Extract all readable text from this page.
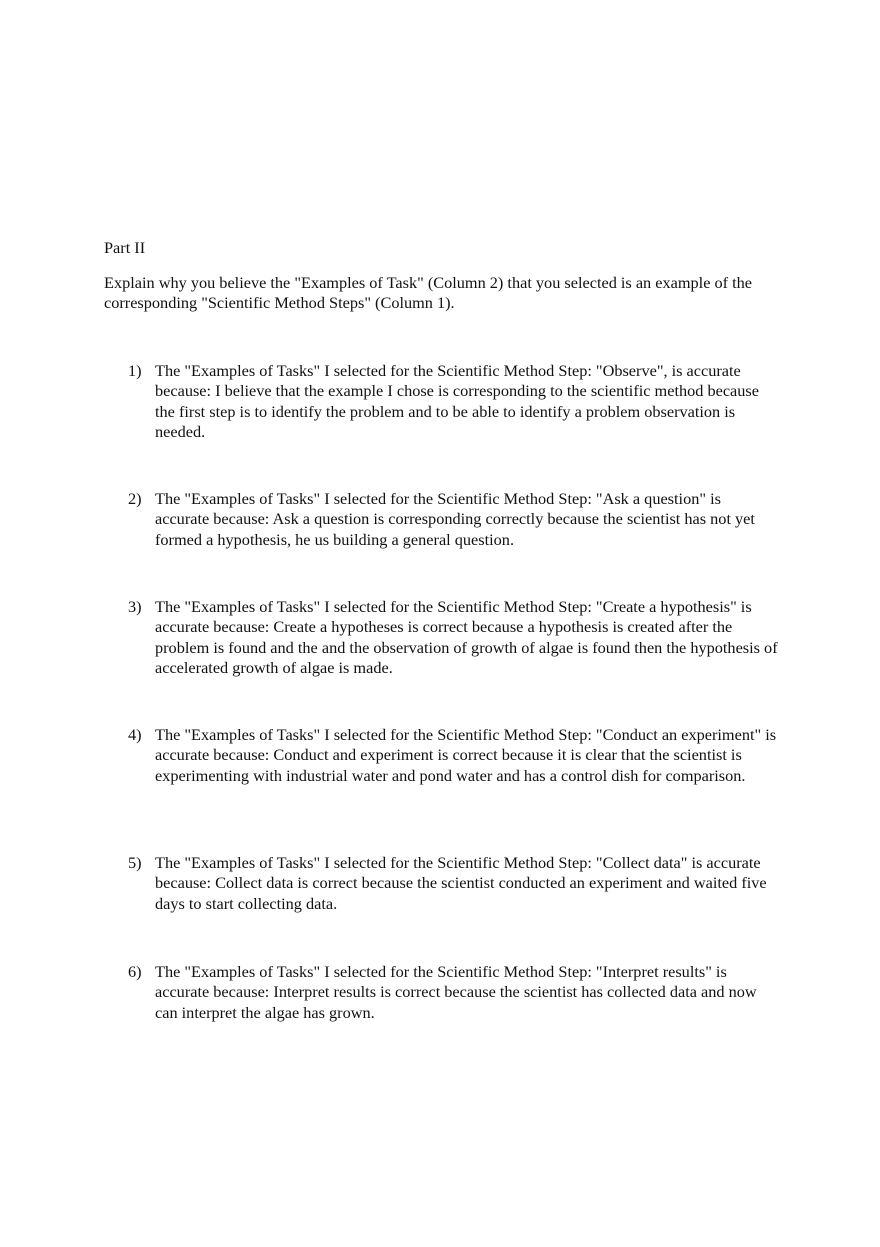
Part II

Explain why you believe the "Examples of Task" (Column 2) that you selected is an example of the corresponding "Scientific Method Steps" (Column 1).

1) The "Examples of Tasks" I selected for the Scientific Method Step: "Observe", is accurate because: I believe that the example I chose is corresponding to the scientific method because the first step is to identify the problem and to be able to identify a problem observation is needed.

2) The "Examples of Tasks" I selected for the Scientific Method Step: "Ask a question" is accurate because: Ask a question is corresponding correctly because the scientist has not yet formed a hypothesis, he us building a general question.

3) The "Examples of Tasks" I selected for the Scientific Method Step: "Create a hypothesis" is accurate because: Create a hypotheses is correct because a hypothesis is created after the problem is found and the and the observation of growth of algae is found then the hypothesis of accelerated growth of algae is made.

4) The "Examples of Tasks" I selected for the Scientific Method Step: "Conduct an experiment" is accurate because: Conduct and experiment is correct because it is clear that the scientist is experimenting with industrial water and pond water and has a control dish for comparison.

5) The "Examples of Tasks" I selected for the Scientific Method Step: "Collect data" is accurate because: Collect data is correct because the scientist conducted an experiment and waited five days to start collecting data.

6) The "Examples of Tasks" I selected for the Scientific Method Step: "Interpret results" is accurate because: Interpret results is correct because the scientist has collected data and now can interpret the algae has grown.
